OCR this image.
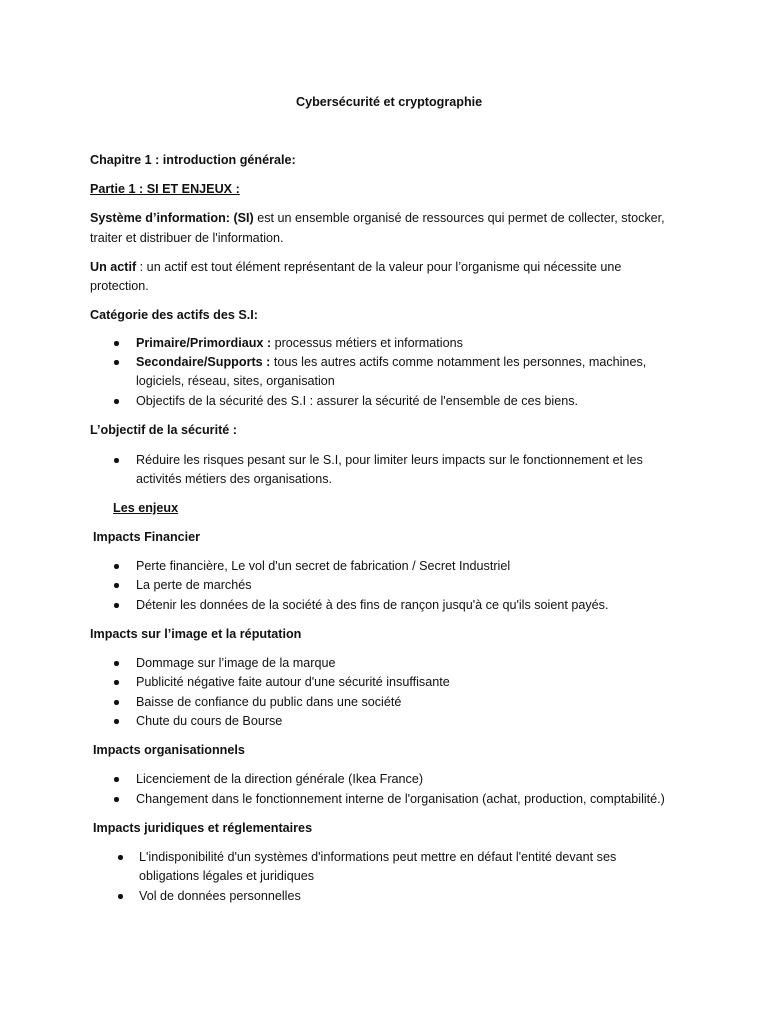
Cybersécurité et cryptographie
Chapitre 1 : introduction générale:
Partie 1 : SI ET ENJEUX :
Système d’information: (SI) est un ensemble organisé de ressources qui permet de collecter, stocker,
traiter et distribuer de l'information.
Un actif : un actif est tout élément représentant de la valeur pour l’organisme qui nécessite une
protection.
Catégorie des actifs des S.I:
Primaire/Primordiaux : processus métiers et informations
Secondaire/Supports : tous les autres actifs comme notamment les personnes, machines,
logiciels, réseau, sites, organisation
Objectifs de la sécurité des S.I : assurer la sécurité de l'ensemble de ces biens.
L’objectif de la sécurité :
Réduire les risques pesant sur le S.I, pour limiter leurs impacts sur le fonctionnement et les
activités métiers des organisations.
Les enjeux
Impacts Financier
Perte financière, Le vol d'un secret de fabrication / Secret Industriel
La perte de marchés
Détenir les données de la société à des fins de rançon jusqu'à ce qu'ils soient payés.
Impacts sur l’image et la réputation
Dommage sur l’image de la marque
Publicité négative faite autour d'une sécurité insuffisante
Baisse de confiance du public dans une société
Chute du cours de Bourse
Impacts organisationnels
Licenciement de la direction générale (Ikea France)
Changement dans le fonctionnement interne de l'organisation (achat, production, comptabilité.)
Impacts juridiques et réglementaires
L'indisponibilité d'un systèmes d'informations peut mettre en défaut l'entité devant ses
obligations légales et juridiques
Vol de données personnelles
